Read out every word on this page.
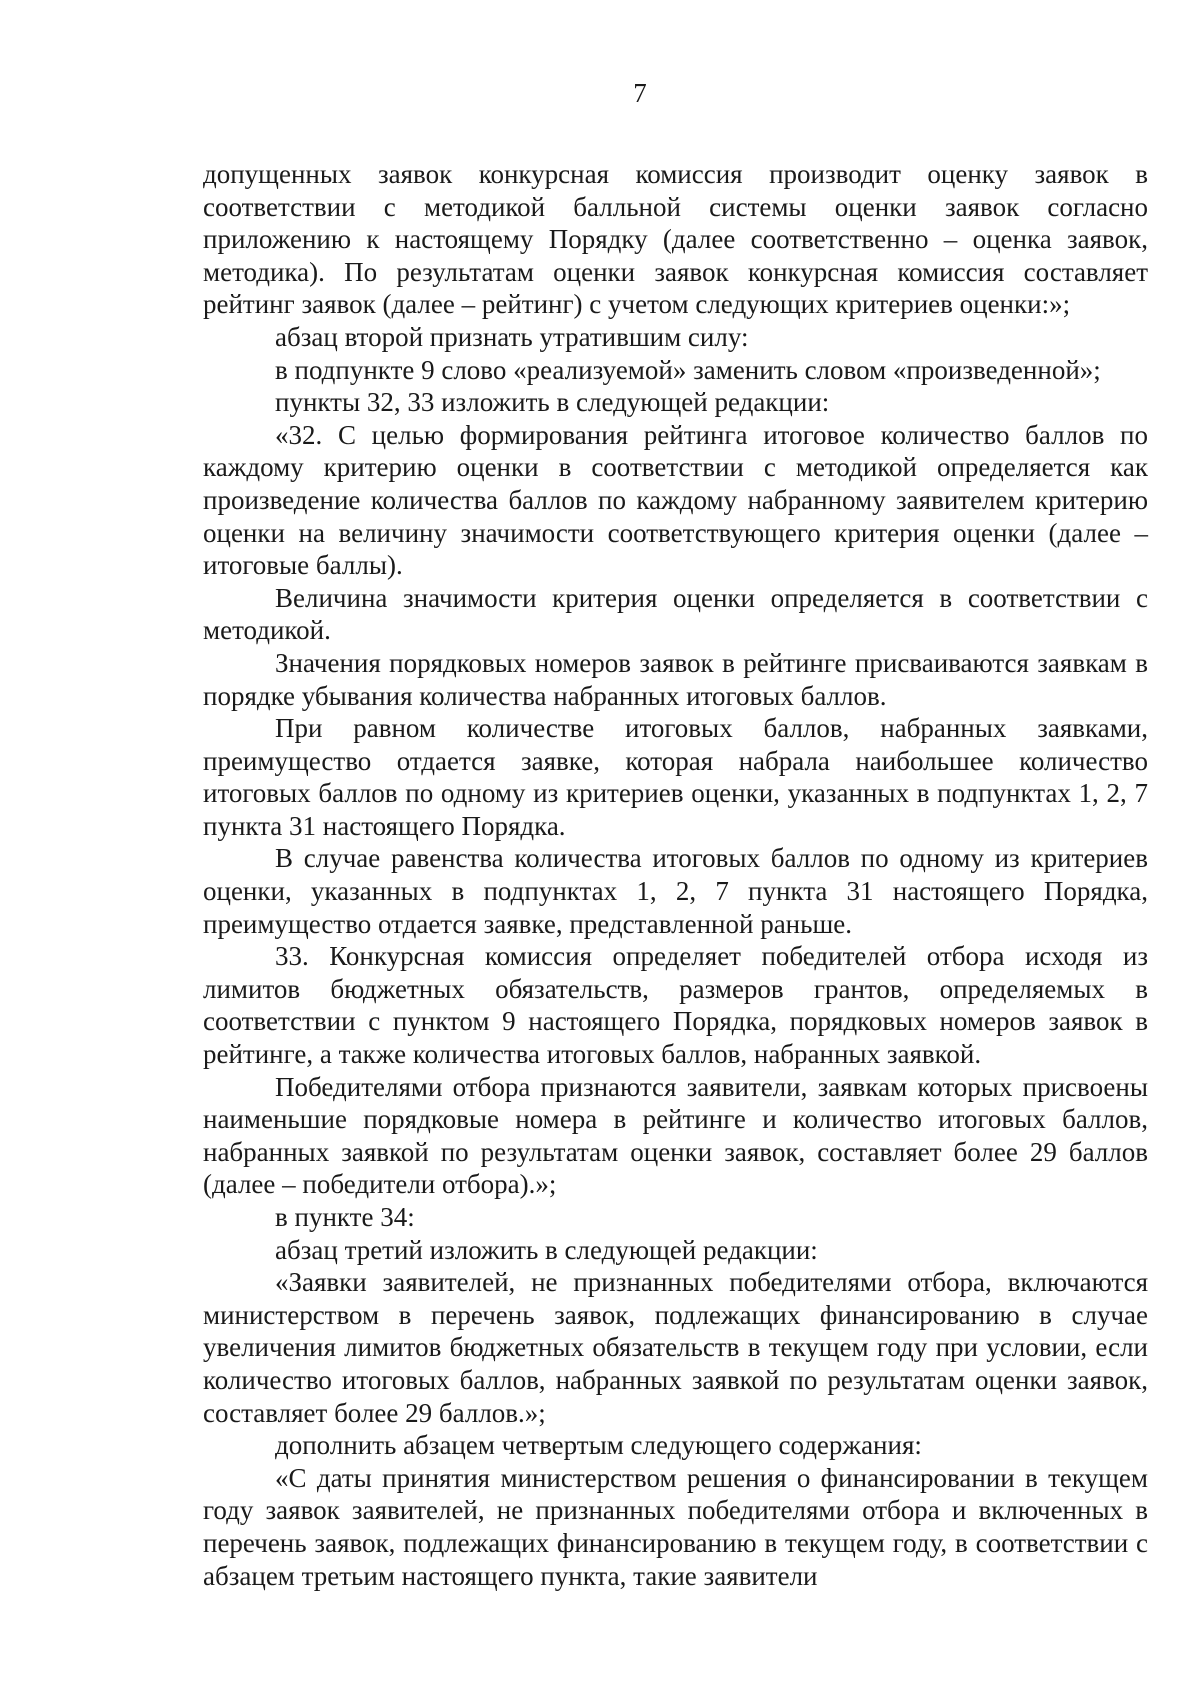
7

допущенных заявок конкурсная комиссия производит оценку заявок в соответствии с методикой балльной системы оценки заявок согласно приложению к настоящему Порядку (далее соответственно – оценка заявок, методика). По результатам оценки заявок конкурсная комиссия составляет рейтинг заявок (далее – рейтинг) с учетом следующих критериев оценки:»;

абзац второй признать утратившим силу:

в подпункте 9 слово «реализуемой» заменить словом «произведенной»;

пункты 32, 33 изложить в следующей редакции:

«32. С целью формирования рейтинга итоговое количество баллов по каждому критерию оценки в соответствии с методикой определяется как произведение количества баллов по каждому набранному заявителем критерию оценки на величину значимости соответствующего критерия оценки (далее – итоговые баллы).

Величина значимости критерия оценки определяется в соответствии с методикой.

Значения порядковых номеров заявок в рейтинге присваиваются заявкам в порядке убывания количества набранных итоговых баллов.

При равном количестве итоговых баллов, набранных заявками, преимущество отдается заявке, которая набрала наибольшее количество итоговых баллов по одному из критериев оценки, указанных в подпунктах 1, 2, 7 пункта 31 настоящего Порядка.

В случае равенства количества итоговых баллов по одному из критериев оценки, указанных в подпунктах 1, 2, 7 пункта 31 настоящего Порядка, преимущество отдается заявке, представленной раньше.

33. Конкурсная комиссия определяет победителей отбора исходя из лимитов бюджетных обязательств, размеров грантов, определяемых в соответствии с пунктом 9 настоящего Порядка, порядковых номеров заявок в рейтинге, а также количества итоговых баллов, набранных заявкой.

Победителями отбора признаются заявители, заявкам которых присвоены наименьшие порядковые номера в рейтинге и количество итоговых баллов, набранных заявкой по результатам оценки заявок, составляет более 29 баллов (далее – победители отбора).»;

в пункте 34:

абзац третий изложить в следующей редакции:

«Заявки заявителей, не признанных победителями отбора, включаются министерством в перечень заявок, подлежащих финансированию в случае увеличения лимитов бюджетных обязательств в текущем году при условии, если количество итоговых баллов, набранных заявкой по результатам оценки заявок, составляет более 29 баллов.»;

дополнить абзацем четвертым следующего содержания:

«С даты принятия министерством решения о финансировании в текущем году заявок заявителей, не признанных победителями отбора и включенных в перечень заявок, подлежащих финансированию в текущем году, в соответствии с абзацем третьим настоящего пункта, такие заявители
